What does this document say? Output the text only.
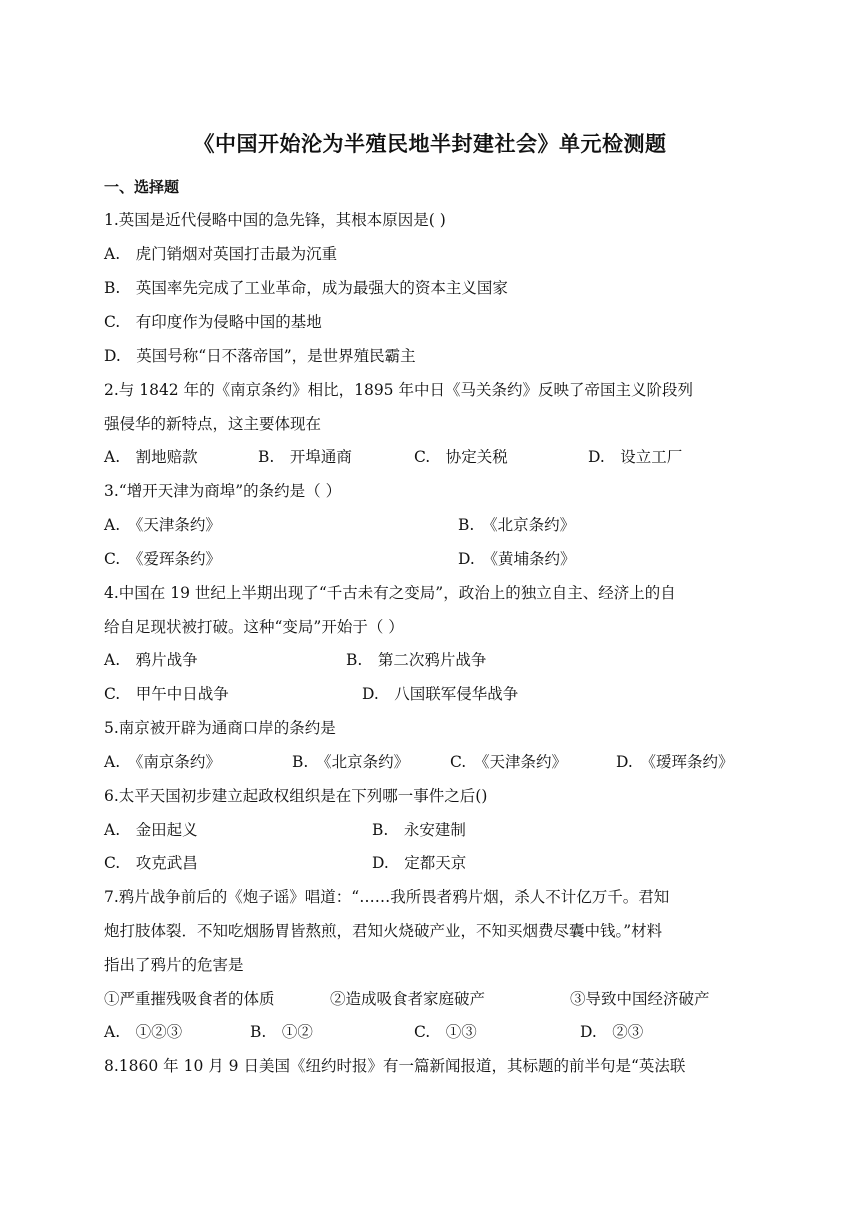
《中国开始沦为半殖民地半封建社会》单元检测题
一、选择题
1.英国是近代侵略中国的急先锋，其根本原因是( )
A.　虎门销烟对英国打击最为沉重
B.　英国率先完成了工业革命，成为最强大的资本主义国家
C.　有印度作为侵略中国的基地
D.　英国号称“日不落帝国”，是世界殖民霸主
2.与 1842 年的《南京条约》相比，1895 年中日《马关条约》反映了帝国主义阶段列
强侵华的新特点，这主要体现在
A.　割地赔款	B.　开埠通商	C.　协定关税	D.　设立工厂
3.“增开天津为商埠”的条约是（ ）
A.　《天津条约》	B.　《北京条约》
C.　《爱珲条约》	D.　《黄埔条约》
4.中国在 19 世纪上半期出现了“千古未有之变局”，政治上的独立自主、经济上的自
给自足现状被打破。这种“变局”开始于（ ）
A.　鸦片战争	B.　第二次鸦片战争
C.　甲午中日战争	D.　八国联军侵华战争
5.南京被开辟为通商口岸的条约是
A.　《南京条约》	B.　《北京条约》	C.　《天津条约》	D.　《瑷珲条约》
6.太平天国初步建立起政权组织是在下列哪一事件之后()
A.　金田起义	B.　永安建制
C.　攻克武昌	D.　定都天京
7.鸦片战争前后的《炮子谣》唱道：“……我所畏者鸦片烟，杀人不计亿万千。君知
炮打肢体裂．不知吃烟肠胃皆熬煎，君知火烧破产业，不知买烟费尽囊中钱。”材料
指出了鸦片的危害是
①严重摧残吸食者的体质	②造成吸食者家庭破产	③导致中国经济破产
A.　①②③	B.　①②	C.　①③	D.　②③
8.1860 年 10 月 9 日美国《纽约时报》有一篇新闻报道，其标题的前半句是“英法联
